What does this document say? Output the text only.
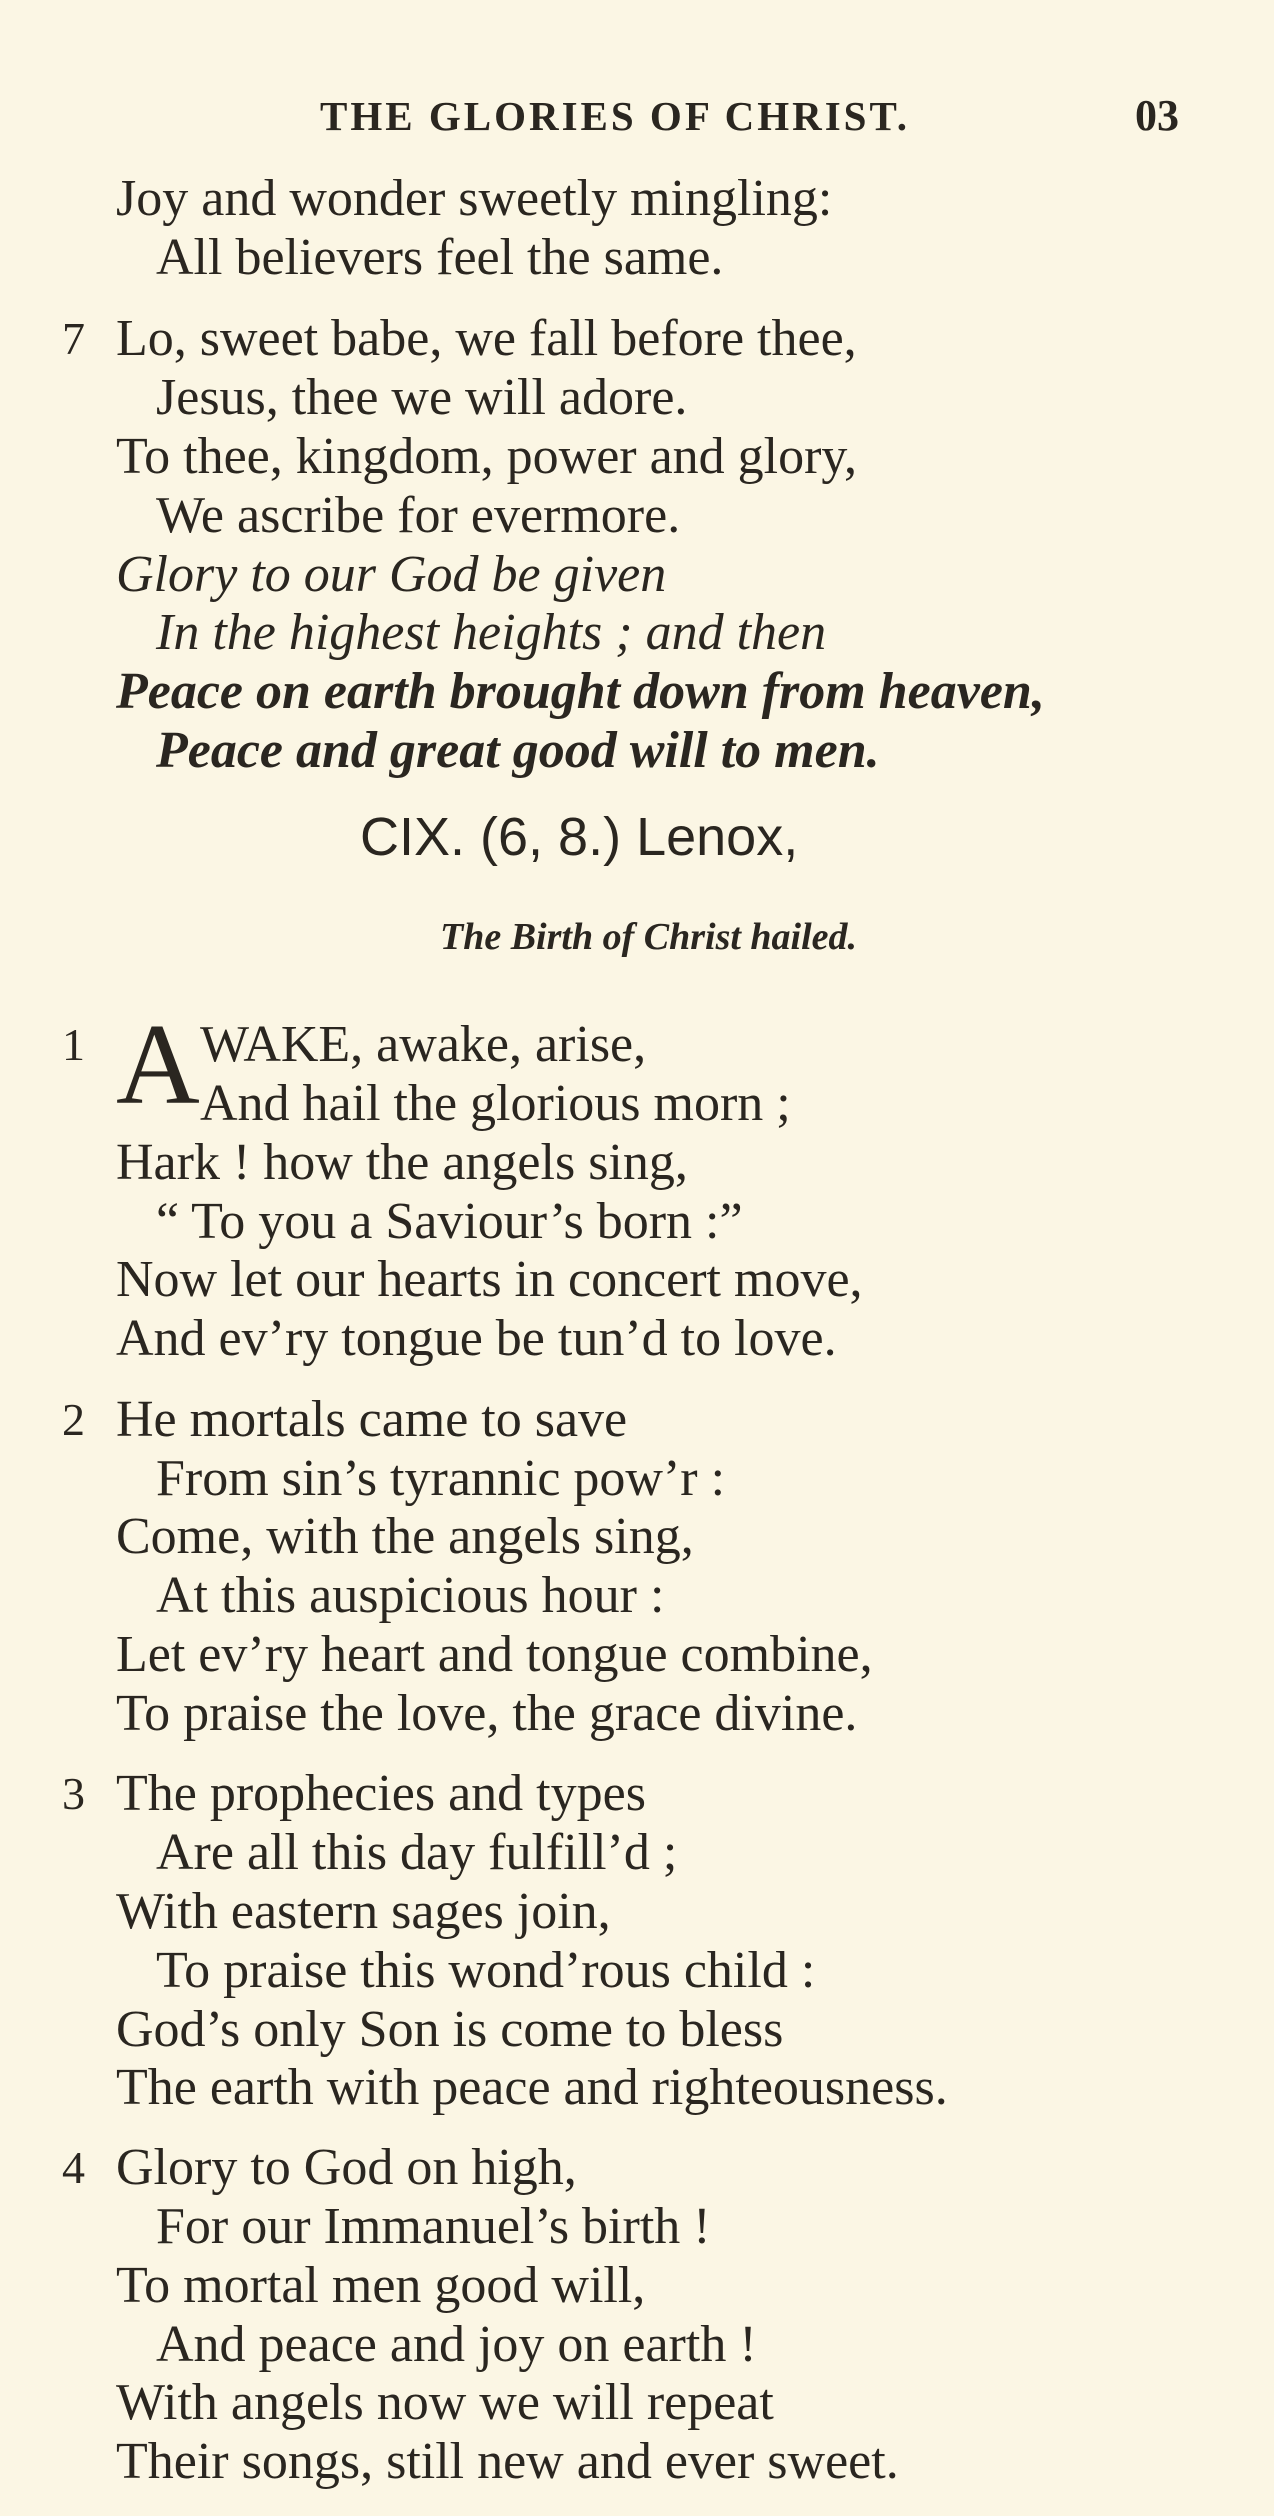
THE GLORIES OF CHRIST.	03
Joy and wonder sweetly mingling:
All believers feel the same.
7 Lo, sweet babe, we fall before thee,
Jesus, thee we will adore.
To thee, kingdom, power and glory,
We ascribe for evermore.
Glory to our God be given
In the highest heights ; and then
Peace on earth brought down from heaven,
Peace and great good will to men.
CIX. (6, 8.) Lenox,
The Birth of Christ hailed.
1 A WAKE, awake, arise,
And hail the glorious morn ;
Hark ! how the angels sing,
“ To you a Saviour’s born :”
Now let our hearts in concert move,
And ev’ry tongue be tun’d to love.
2 He mortals came to save
From sin’s tyrannic pow’r :
Come, with the angels sing,
At this auspicious hour :
Let ev’ry heart and tongue combine,
To praise the love, the grace divine.
3 The prophecies and types
Are all this day fulfill’d ;
With eastern sages join,
To praise this wond’rous child :
God’s only Son is come to bless
The earth with peace and righteousness.
4 Glory to God on high,
For our Immanuel’s birth !
To mortal men good will,
And peace and joy on earth !
With angels now we will repeat
Their songs, still new and ever sweet.
